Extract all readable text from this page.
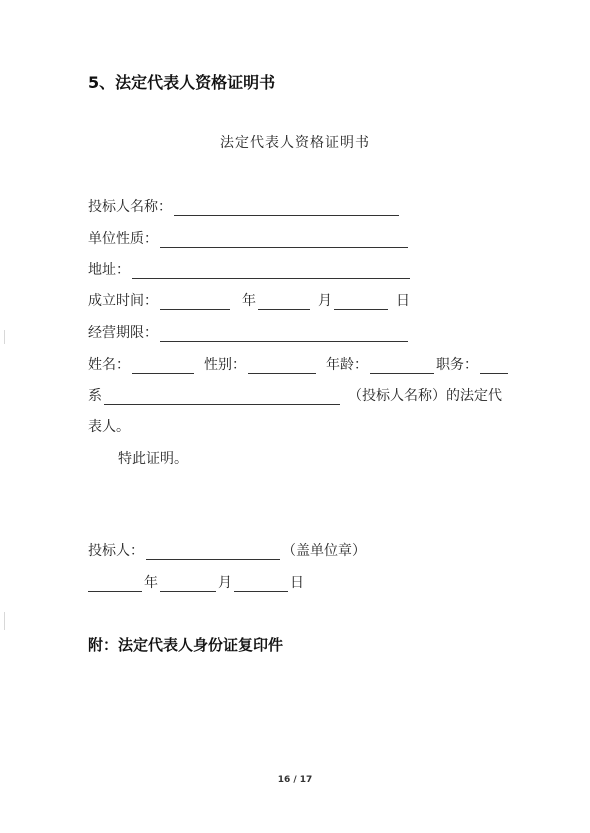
5、法定代表人资格证明书
法定代表人资格证明书
投标人名称：
单位性质：
地址：
成立时间：	年	月	日
经营期限：
姓名：	性别：	年龄：	职务：
系	（投标人名称）的法定代
表人。
特此证明。
投标人：	（盖单位章）
年	月	日
附：法定代表人身份证复印件
16 / 17
